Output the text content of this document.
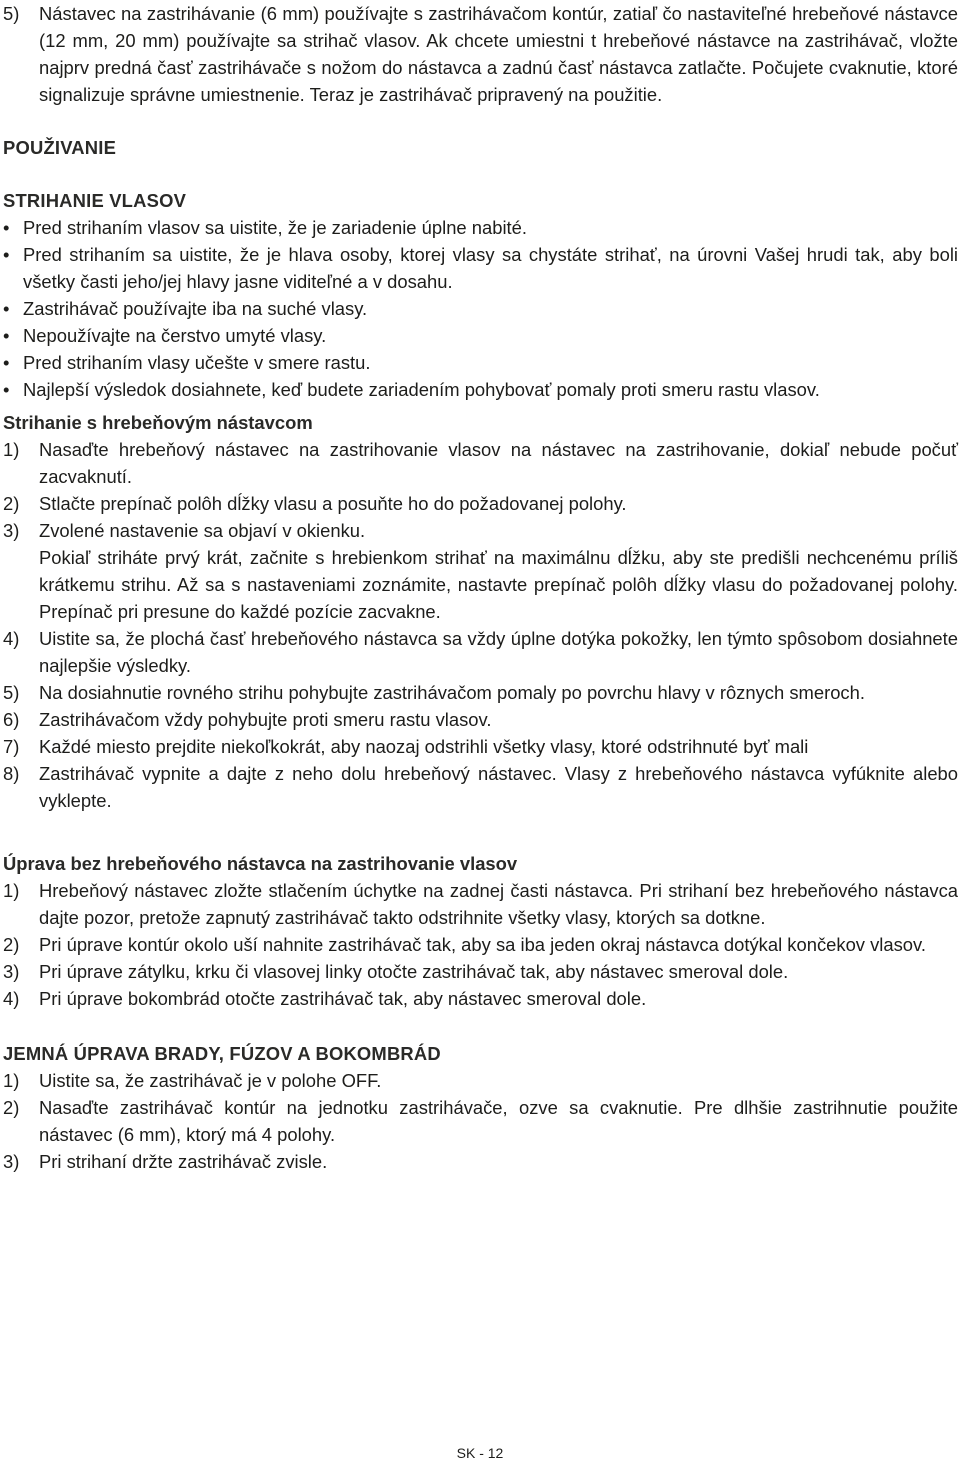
5) Nástavec na zastrihávanie (6 mm) používajte s zastrihávačom kontúr, zatiaľ čo nastaviteľné hrebeňové nástavce (12 mm, 20 mm) používajte sa strihač vlasov. Ak chcete umiestni t hrebeňové nástavce na zastrihávač, vložte najprv predná časť zastrihávače s nožom do nástavca a zadnú časť nástavca zatlačte. Počujete cvaknutie, ktoré signalizuje správne umiestnenie. Teraz je zastrihávač pripravený na použitie.

POUŽIVANIE

STRIHANIE VLASOV

• Pred strihaním vlasov sa uistite, že je zariadenie úplne nabité.
• Pred strihaním sa uistite, že je hlava osoby, ktorej vlasy sa chystáte strihať, na úrovni Vašej hrudi tak, aby boli všetky časti jeho/jej hlavy jasne viditeľné a v dosahu.
• Zastrihávač používajte iba na suché vlasy.
• Nepoužívajte na čerstvo umyté vlasy.
• Pred strihaním vlasy učešte v smere rastu.
• Najlepší výsledok dosiahnete, keď budete zariadením pohybovať pomaly proti smeru rastu vlasov.

Strihanie s hrebeňovým nástavcom

1) Nasaďte hrebeňový nástavec na zastrihovanie vlasov na nástavec na zastrihovanie, dokiaľ nebude počuť zacvaknutí.
2) Stlačte prepínač polôh dĺžky vlasu a posuňte ho do požadovanej polohy.
3) Zvolené nastavenie sa objaví v okienku.
Pokiaľ striháte prvý krát, začnite s hrebienkom strihať na maximálnu dĺžku, aby ste predišli nechcenému príliš krátkemu strihu. Až sa s nastaveniami zoznámite, nastavte prepínač polôh dĺžky vlasu do požadovanej polohy. Prepínač pri presune do každé pozície zacvakne.
4) Uistite sa, že plochá časť hrebeňového nástavca sa vždy úplne dotýka pokožky, len týmto spôsobom dosiahnete najlepšie výsledky.
5) Na dosiahnutie rovného strihu pohybujte zastrihávačom pomaly po povrchu hlavy v rôznych smeroch.
6) Zastrihávačom vždy pohybujte proti smeru rastu vlasov.
7) Každé miesto prejdite niekoľkokrát, aby naozaj odstrihli všetky vlasy, ktoré odstrihnuté byť mali
8) Zastrihávač vypnite a dajte z neho dolu hrebeňový nástavec. Vlasy z hrebeňového nástavca vyfúknite alebo vyklepte.

Úprava bez hrebeňového nástavca na zastrihovanie vlasov

1) Hrebeňový nástavec zložte stlačením úchytke na zadnej časti nástavca. Pri strihaní bez hrebeňového nástavca dajte pozor, pretože zapnutý zastrihávač takto odstrihnite všetky vlasy, ktorých sa dotkne.
2) Pri úprave kontúr okolo uší nahnite zastrihávač tak, aby sa iba jeden okraj nástavca dotýkal končekov vlasov.
3) Pri úprave zátylku, krku či vlasovej linky otočte zastrihávač tak, aby nástavec smeroval dole.
4) Pri úprave bokombrád otočte zastrihávač tak, aby nástavec smeroval dole.

JEMNÁ ÚPRAVA BRADY, FÚZOV A BOKOMBRÁD

1) Uistite sa, že zastrihávač je v polohe OFF.
2) Nasaďte zastrihávač kontúr na jednotku zastrihávače, ozve sa cvaknutie. Pre dlhšie zastrihnutie použite nástavec (6 mm), ktorý má 4 polohy.
3) Pri strihaní držte zastrihávač zvisle.
SK - 12
